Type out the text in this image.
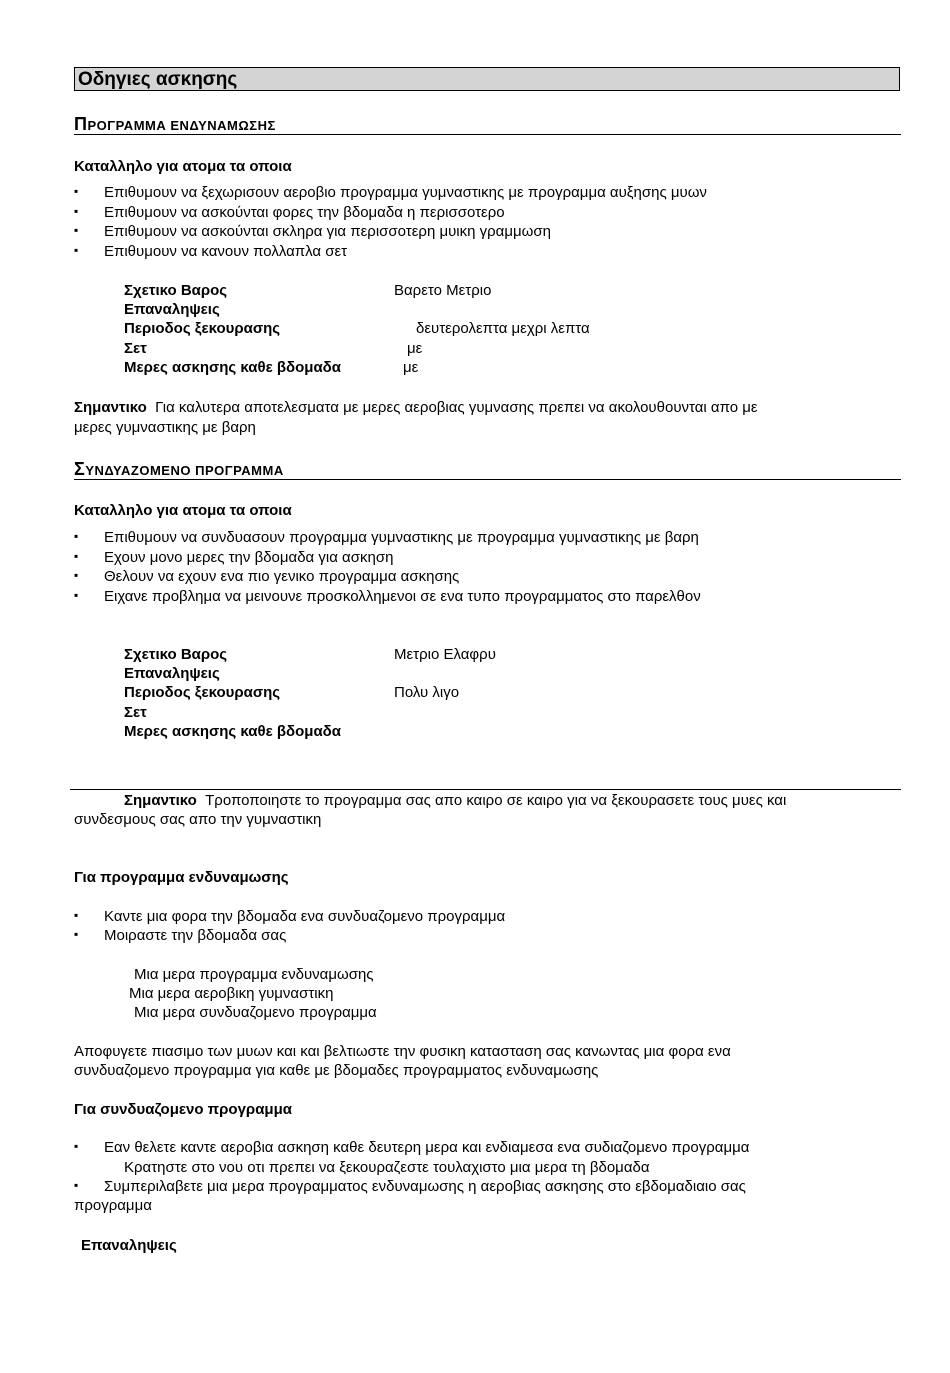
Οδηγιες ασκησης
ΠΡΟΓΡΑΜΜΑ ΕΝΔΥΝΑΜΩΣΗΣ
Καταλληλο για ατομα τα οποια
▪ Επιθυμουν να ξεχωρισουν αεροβιο προγραμμα γυμναστικης με προγραμμα αυξησης μυων
▪ Επιθυμουν να ασκούνται φορες την βδομαδα η περισσοτερο
▪ Επιθυμουν να ασκούνται σκληρα για περισσοτερη μυικη γραμμωση
▪ Επιθυμουν να κανουν πολλαπλα σετ
Σχετικο Βαρος	Βαρετο Μετριο
Επαναληψεις
Περιοδος ξεκουρασης	δευτερολεπτα μεχρι λεπτα
Σετ	με
Μερες ασκησης καθε βδομαδα	με
Σημαντικο Για καλυτερα αποτελεσματα με μερες αεροβιας γυμνασης πρεπει να ακολουθουνται απο με
μερες γυμναστικης με βαρη
ΣΥΝΔΥΑΖΟΜΕΝΟ ΠΡΟΓΡΑΜΜΑ
Καταλληλο για ατομα τα οποια
▪ Επιθυμουν να συνδυασουν προγραμμα γυμναστικης με προγραμμα γυμναστικης με βαρη
▪ Εχουν μονο μερες την βδομαδα για ασκηση
▪ Θελουν να εχουν ενα πιο γενικο προγραμμα ασκησης
▪ Ειχανε προβλημα να μεινουνε προσκολλημενοι σε ενα τυπο προγραμματος στο παρελθον
Σχετικο Βαρος	Μετριο Ελαφρυ
Επαναληψεις
Περιοδος ξεκουρασης	Πολυ λιγο
Σετ
Μερες ασκησης καθε βδομαδα
Σημαντικο Τροποποιηστε το προγραμμα σας απο καιρο σε καιρο για να ξεκουρασετε τους μυες και
συνδεσμους σας απο την γυμναστικη
Για προγραμμα ενδυναμωσης
▪ Καντε μια φορα την βδομαδα ενα συνδυαζομενο προγραμμα
▪ Μοιραστε την βδομαδα σας
Μια μερα προγραμμα ενδυναμωσης
Μια μερα αεροβικη γυμναστικη
Μια μερα συνδυαζομενο προγραμμα
Αποφυγετε πιασιμο των μυων και και βελτιωστε την φυσικη κατασταση σας κανωντας μια φορα ενα
συνδυαζομενο προγραμμα για καθε με βδομαδες προγραμματος ενδυναμωσης
Για συνδυαζομενο προγραμμα
▪ Εαν θελετε καντε αεροβια ασκηση καθε δευτερη μερα και ενδιαμεσα ενα συδιαζομενο προγραμμα
Κρατηστε στο νου οτι πρεπει να ξεκουραζεστε τουλαχιστο μια μερα τη βδομαδα
▪ Συμπεριλαβετε μια μερα προγραμματος ενδυναμωσης η αεροβιας ασκησης στο εβδομαδιαιο σας
προγραμμα
Επαναληψεις
